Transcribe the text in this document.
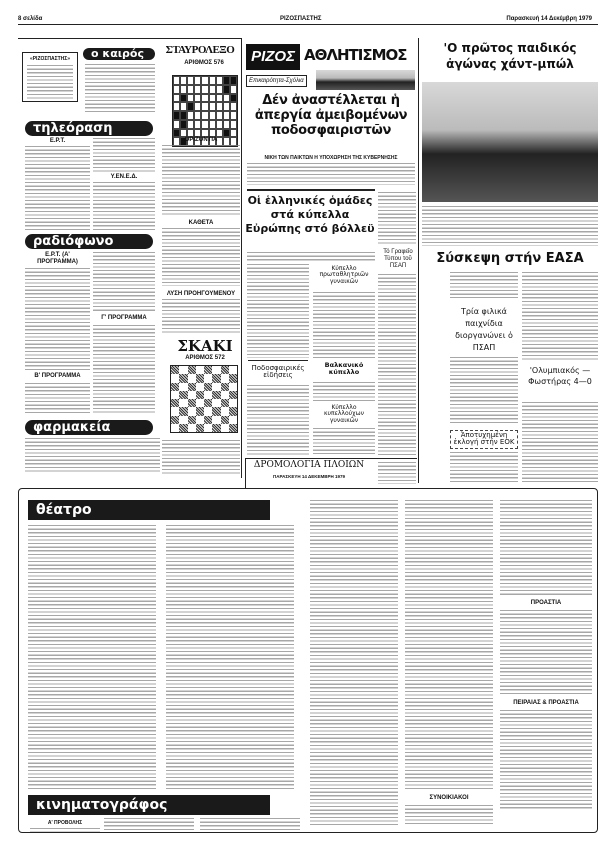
8 σελίδα	ΡΙΖΟΣΠΑΣΤΗΣ	Παρασκευή 14 Δεκέμβρη 1979
«ΡΙΖΟΣΠΑΣΤΗΣ»	ο καιρός	ΣΤΑΥΡΟΛΕΞΟ
ΑΡΙΘΜΟΣ 576
ΟΡΙΖΟΝΤΙΑ
ΚΑΘΕΤΑ
ΛΥΣΗ ΠΡΟΗΓΟΥΜΕΝΟΥ
ΣΚΑΚΙ
ΑΡΙΘΜΟΣ 572
τηλεόραση
Ε.Ρ.Τ.
Υ.ΕΝ.Ε.Δ.
ραδιόφωνο
Ε.Ρ.Τ. (Α' ΠΡΟΓΡΑΜΜΑ)
Β' ΠΡΟΓΡΑΜΜΑ
Γ' ΠΡΟΓΡΑΜΜΑ
φαρμακεία
ΡΙΖΟΣ ΑΘΛΗΤΙΣΜΟΣ
Επικαιρότητα-Σχόλια
Δέν ἀναστέλλεται ἡ ἀπεργία ἀμειβομένων ποδοσφαιριστῶν
ΝΙΚΗ ΤΩΝ ΠΑΙΚΤΩΝ Η ΥΠΟΧΩΡΗΣΗ ΤΗΣ ΚΥΒΕΡΝΗΣΗΣ
Οἱ ἑλληνικές ὁμάδες στά κύπελλα Εὐρώπης στό βόλλεϋ
Κύπελλο πρωταθλητριῶν γυναικῶν
Ποδοσφαιρικές εἰδήσεις
Βαλκανικό κύπελλο
Κύπελλο κυπελλούχων γυναικῶν
Τό Γραφεῖο Τύπου τοῦ ΠΣΑΠ
ΔΡΟΜΟΛΟΓΙΑ ΠΛΟΙΩΝ
ΠΑΡΑΣΚΕΥΗ 14 ΔΕΚΕΜΒΡΗ 1979
'Ο πρῶτος παιδικός ἀγώνας χάντ-μπώλ
Σύσκεψη στήν ΕΑΣΑ
Τρία φιλικά παιχνίδια διοργανώνει ὁ ΠΣΑΠ
'Ολυμπιακός — Φωστήρας 4—0
Ἀποτυχημένη ἐκλογή στήν ΕΟΚ
θέατρο
ΣΥΝΟΙΚΙΑΚΟΙ
ΠΡΟΑΣΤΙΑ
ΠΕΙΡΑΙΑΣ & ΠΡΟΑΣΤΙΑ
κινηματογράφος
Α' ΠΡΟΒΟΛΗΣ
